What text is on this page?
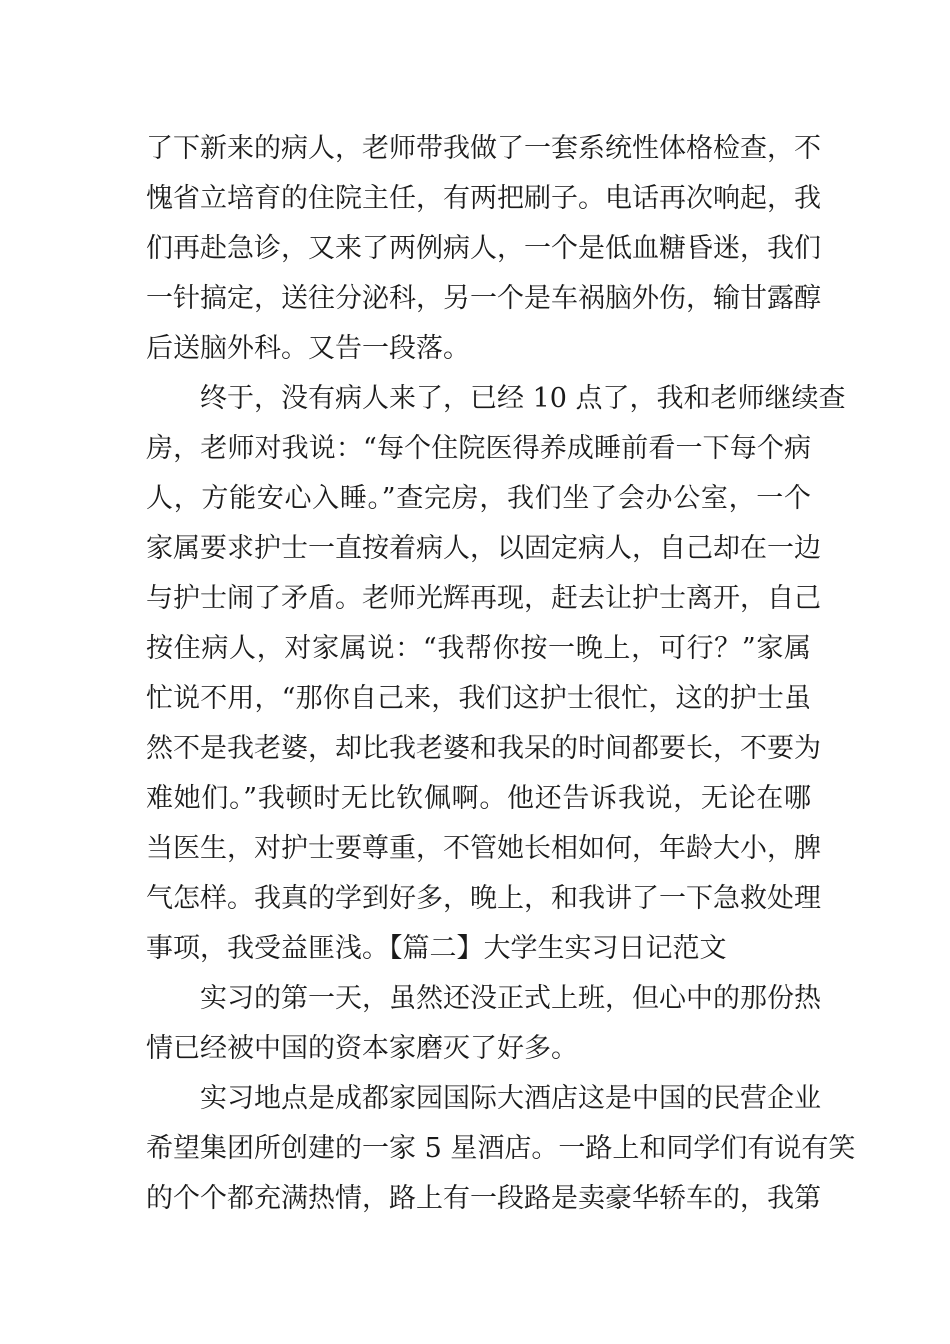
了下新来的病人，老师带我做了一套系统性体格检查，不
愧省立培育的住院主任，有两把刷子。电话再次响起，我
们再赴急诊，又来了两例病人，一个是低血糖昏迷，我们
一针搞定，送往分泌科，另一个是车祸脑外伤，输甘露醇
后送脑外科。又告一段落。
终于，没有病人来了，已经 10 点了，我和老师继续查
房，老师对我说：“每个住院医得养成睡前看一下每个病
人，方能安心入睡。”查完房，我们坐了会办公室，一个
家属要求护士一直按着病人，以固定病人，自己却在一边
与护士闹了矛盾。老师光辉再现，赶去让护士离开，自己
按住病人，对家属说：“我帮你按一晚上，可行？”家属
忙说不用，“那你自己来，我们这护士很忙，这的护士虽
然不是我老婆，却比我老婆和我呆的时间都要长，不要为
难她们。”我顿时无比钦佩啊。他还告诉我说，无论在哪
当医生，对护士要尊重，不管她长相如何，年龄大小，脾
气怎样。我真的学到好多，晚上，和我讲了一下急救处理
事项，我受益匪浅。【篇二】大学生实习日记范文
实习的第一天，虽然还没正式上班，但心中的那份热
情已经被中国的资本家磨灭了好多。
实习地点是成都家园国际大酒店这是中国的民营企业
希望集团所创建的一家 5 星酒店。一路上和同学们有说有笑
的个个都充满热情，路上有一段路是卖豪华轿车的，我第
